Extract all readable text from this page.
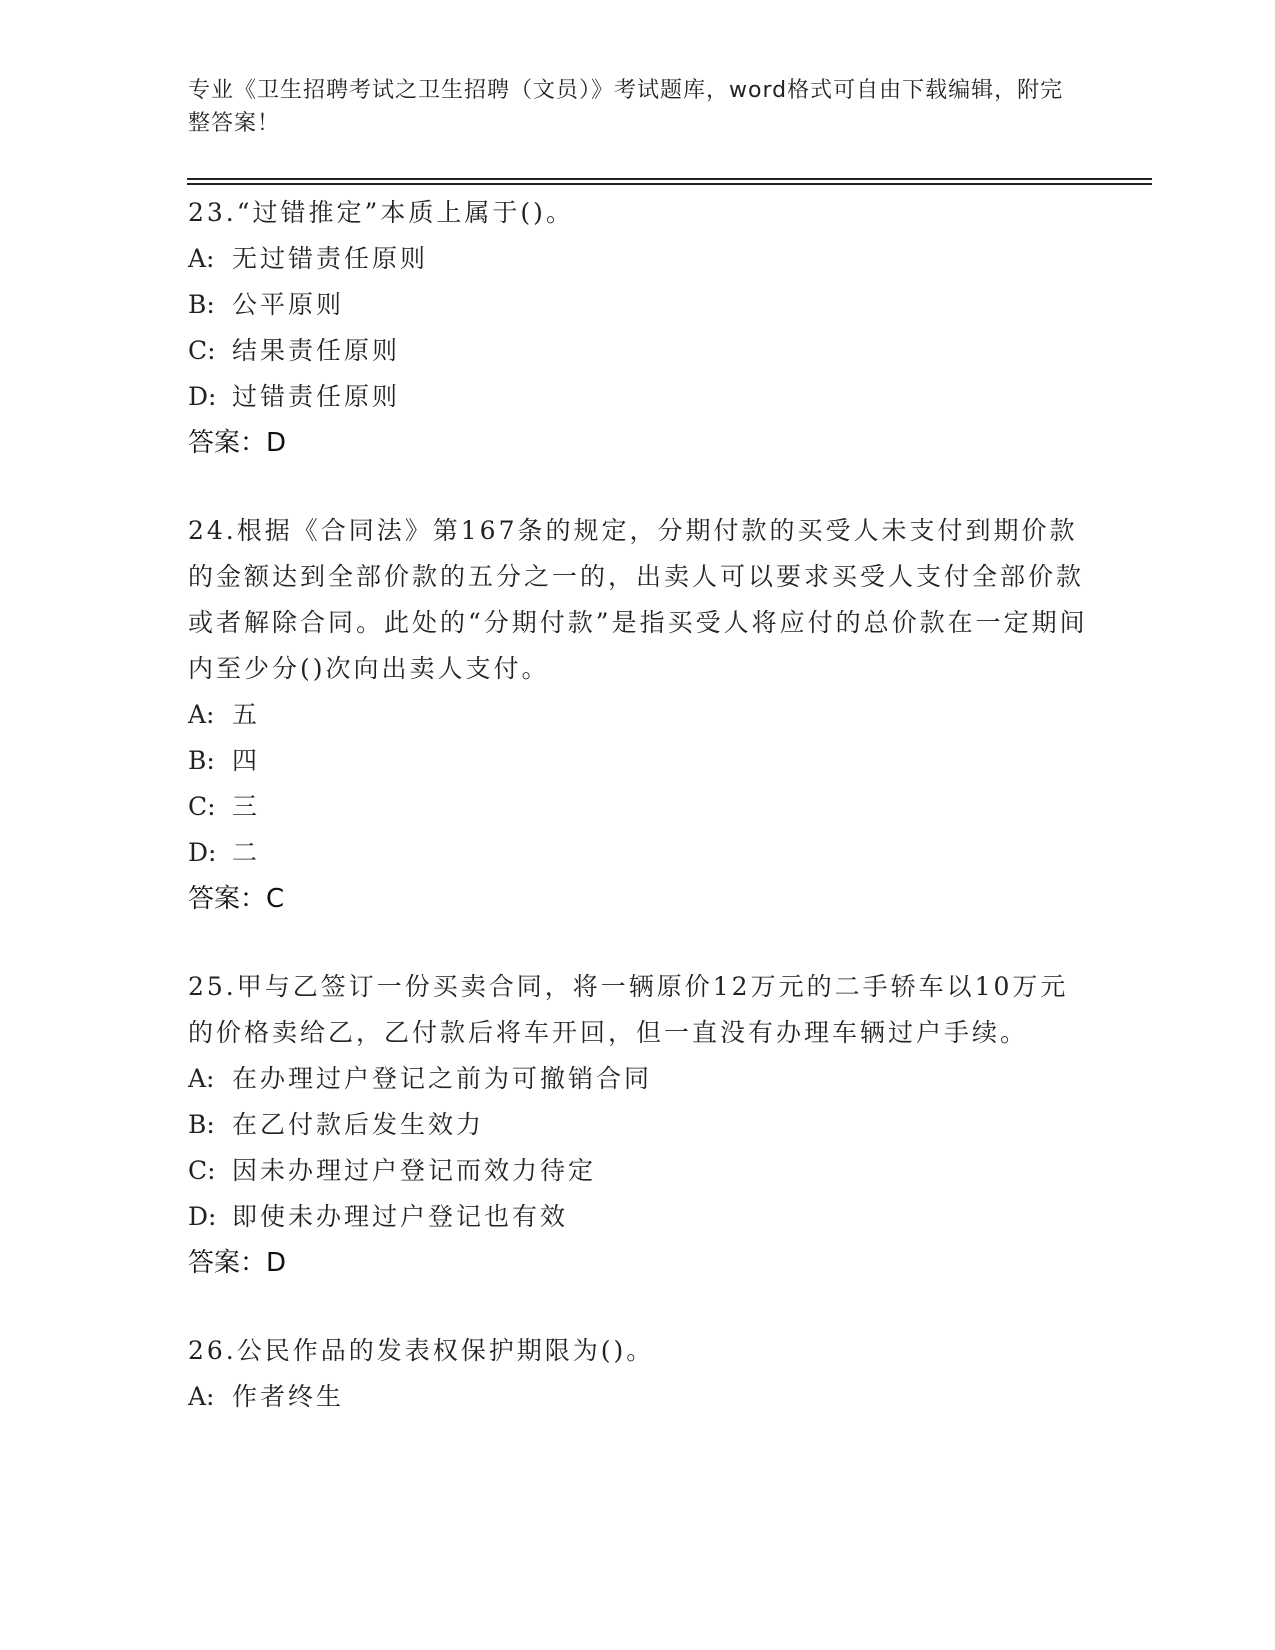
专业《卫生招聘考试之卫生招聘（文员）》考试题库，word格式可自由下载编辑，附完整答案！

23.“过错推定”本质上属于()。

A: 无过错责任原则

B: 公平原则

C: 结果责任原则

D: 过错责任原则

答案：D

24.根据《合同法》第167条的规定，分期付款的买受人未支付到期价款的金额达到全部价款的五分之一的，出卖人可以要求买受人支付全部价款或者解除合同。此处的“分期付款”是指买受人将应付的总价款在一定期间内至少分()次向出卖人支付。

A: 五

B: 四

C: 三

D: 二

答案：C

25.甲与乙签订一份买卖合同，将一辆原价12万元的二手轿车以10万元的价格卖给乙，乙付款后将车开回，但一直没有办理车辆过户手续。

A: 在办理过户登记之前为可撤销合同

B: 在乙付款后发生效力

C: 因未办理过户登记而效力待定

D: 即使未办理过户登记也有效

答案：D

26.公民作品的发表权保护期限为()。

A: 作者终生
